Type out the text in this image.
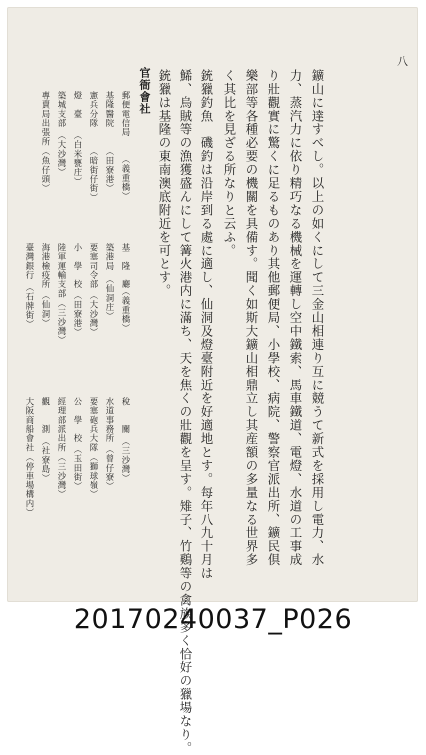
八
鑛山に達すべし。以上の如くにして三金山相連り互に競うて新式を採用し電力、水
力、蒸汽力に依り精巧なる機械を運轉し空中鐵索、馬車鐵道、電燈、水道の工事成
り壯觀實に驚くに足るものあり其他郵便局、小學校、病院、警察官派出所、鑛民倶
樂部等各種必要の機關を具備す。聞く如斯大鑛山相鼎立し其産額の多量なる世界多
く其比を見ざる所なりと云ふ。
銃獵釣魚　磯釣は沿岸到る處に適し、仙洞及燈臺附近を好適地とす。每年八九十月は
鯑、烏賊等の漁獲盛んにして篝火港内に滿ち、天を焦くの壯觀を呈す。雉子、竹鷄等の禽族多く恰好の獵場なり。
銃獵は基隆の東南澳底附近を可とす。
官衙會社
郵便電信局
（義重橋）
基　隆　廳
（義重橋）
稅　　關
（三沙灣）
基隆醫院
（田寮港）
築港局
（仙洞庄）
水道事務所
（曾仔寮）
憲兵分隊
（暗街仔街）
要塞司令部
（大沙灣）
要塞砲兵大隊
（獅球嶺）
燈　臺
（白米甕庄）
小　學　校
（田寮港）
公　學　校
（玉田街）
築城支部
（大沙灣）
陸軍運輸支部
（三沙灣）
經理部派出所
（三沙灣）
專賣局出張所
（魚仔頭）
海港檢疫所
（仙洞）
觀　　測
（社寮島）
臺灣銀行
（石牌街）
大阪商船會社
（停車場構内）
20170240037_P026
